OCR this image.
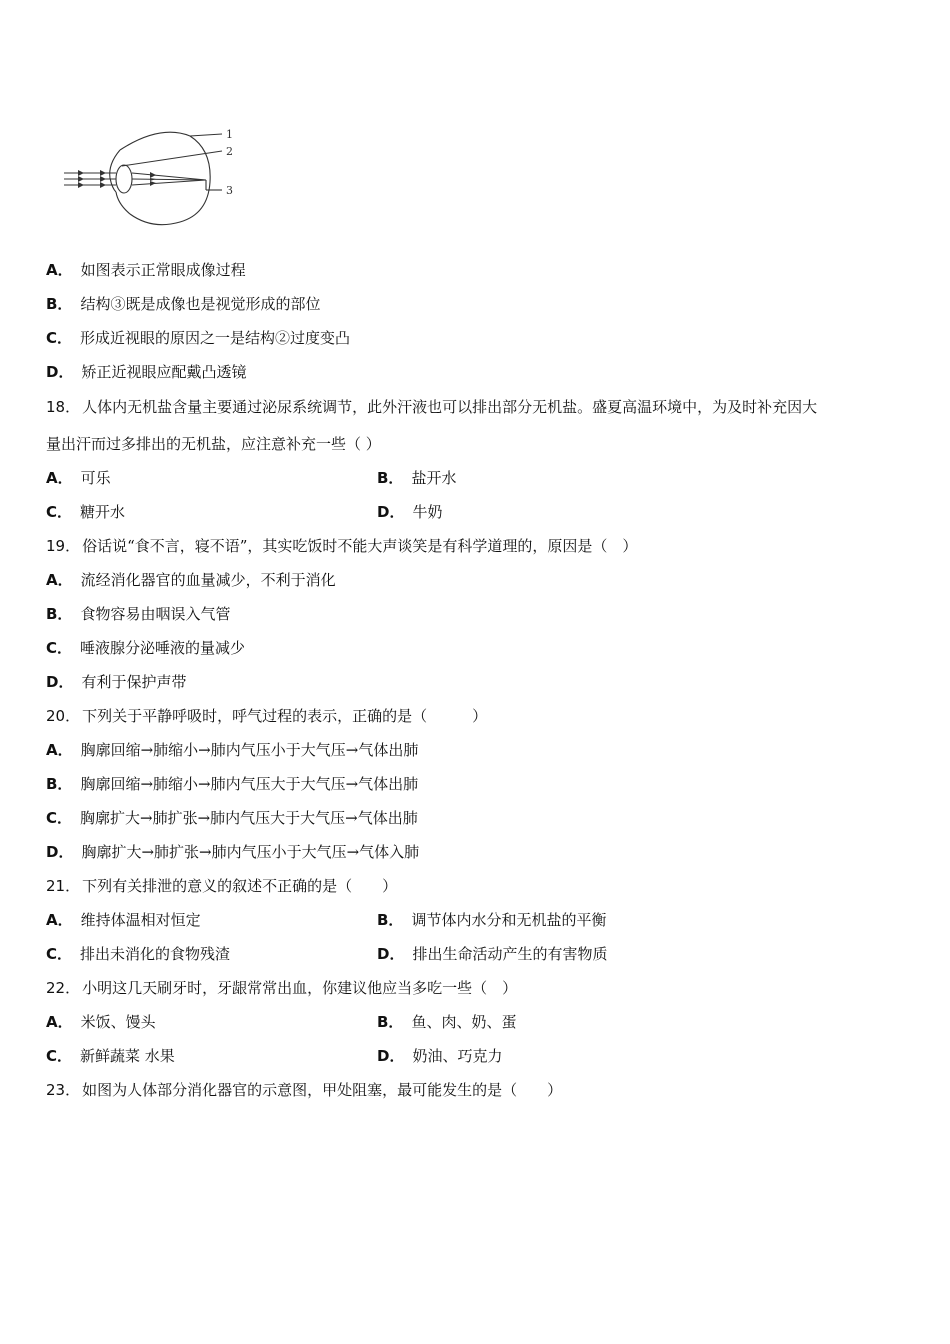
1
2
3
A． 如图表示正常眼成像过程
B． 结构③既是成像也是视觉形成的部位
C． 形成近视眼的原因之一是结构②过度变凸
D． 矫正近视眼应配戴凸透镜
18． 人体内无机盐含量主要通过泌尿系统调节，此外汗液也可以排出部分无机盐。盛夏高温环境中，为及时补充因大
量出汗而过多排出的无机盐，应注意补充一些（ ）
A． 可乐	B． 盐开水
C． 糖开水	D． 牛奶
19． 俗话说“食不言，寝不语”，其实吃饭时不能大声谈笑是有科学道理的，原因是（　）
A． 流经消化器官的血量减少，不利于消化
B． 食物容易由咽误入气管
C． 唾液腺分泌唾液的量减少
D． 有利于保护声带
20． 下列关于平静呼吸时，呼气过程的表示，正确的是（　　　）
A． 胸廓回缩→肺缩小→肺内气压小于大气压→气体出肺
B． 胸廓回缩→肺缩小→肺内气压大于大气压→气体出肺
C． 胸廓扩大→肺扩张→肺内气压大于大气压→气体出肺
D． 胸廓扩大→肺扩张→肺内气压小于大气压→气体入肺
21． 下列有关排泄的意义的叙述不正确的是（　　）
A． 维持体温相对恒定	B． 调节体内水分和无机盐的平衡
C． 排出未消化的食物残渣	D． 排出生命活动产生的有害物质
22． 小明这几天刷牙时，牙龈常常出血，你建议他应当多吃一些（　）
A． 米饭、馒头	B． 鱼、肉、奶、蛋
C． 新鲜蔬菜 水果	D． 奶油、巧克力
23． 如图为人体部分消化器官的示意图，甲处阻塞，最可能发生的是（　　）
